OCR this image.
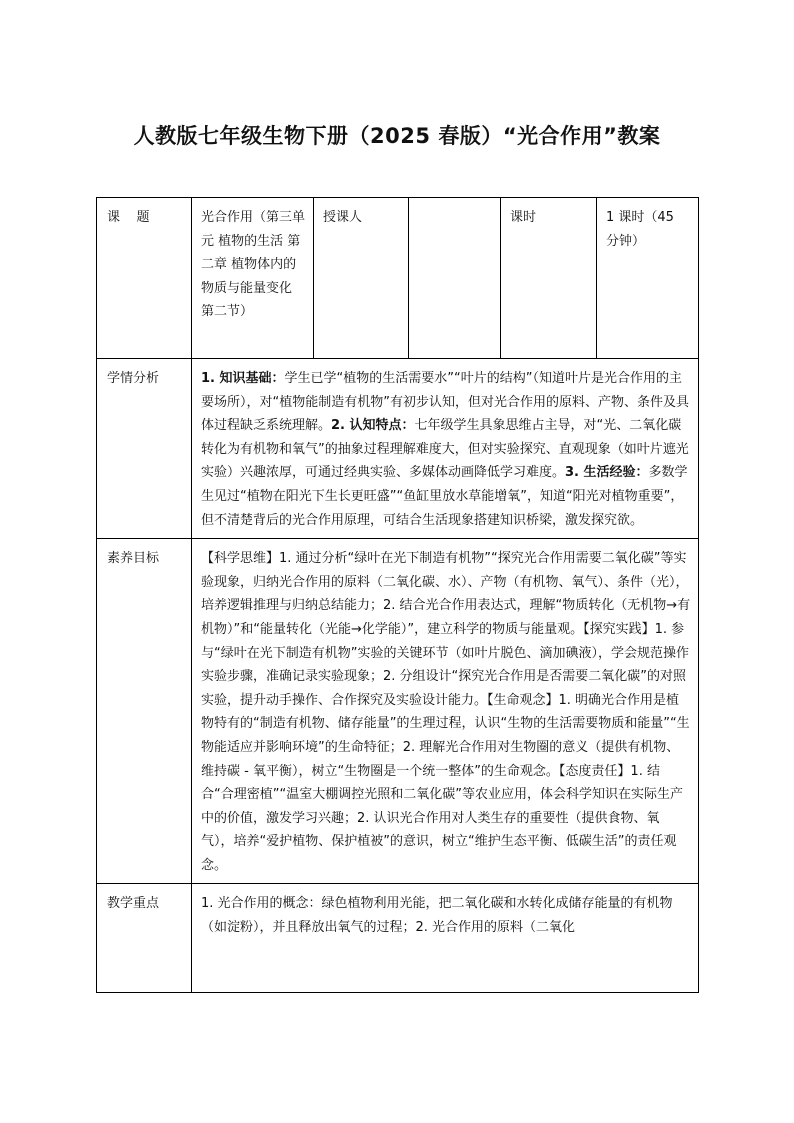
人教版七年级生物下册（2025 春版）“光合作用”教案
课    题	光合作用（第三单元 植物的生活 第二章 植物体内的物质与能量变化 第二节）	授课人		课时	1 课时（45 分钟）
学情分析	1. 知识基础：学生已学“植物的生活需要水”“叶片的结构”（知道叶片是光合作用的主要场所），对“植物能制造有机物”有初步认知，但对光合作用的原料、产物、条件及具体过程缺乏系统理解。2. 认知特点：七年级学生具象思维占主导，对“光、二氧化碳转化为有机物和氧气”的抽象过程理解难度大，但对实验探究、直观现象（如叶片遮光实验）兴趣浓厚，可通过经典实验、多媒体动画降低学习难度。3. 生活经验：多数学生见过“植物在阳光下生长更旺盛”“鱼缸里放水草能增氧”，知道“阳光对植物重要”，但不清楚背后的光合作用原理，可结合生活现象搭建知识桥梁，激发探究欲。				
素养目标	【科学思维】1. 通过分析“绿叶在光下制造有机物”“探究光合作用需要二氧化碳”等实验现象，归纳光合作用的原料（二氧化碳、水）、产物（有机物、氧气）、条件（光），培养逻辑推理与归纳总结能力；2. 结合光合作用表达式，理解“物质转化（无机物→有机物）”和“能量转化（光能→化学能）”，建立科学的物质与能量观。【探究实践】1. 参与“绿叶在光下制造有机物”实验的关键环节（如叶片脱色、滴加碘液），学会规范操作实验步骤，准确记录实验现象；2. 分组设计“探究光合作用是否需要二氧化碳”的对照实验，提升动手操作、合作探究及实验设计能力。【生命观念】1. 明确光合作用是植物特有的“制造有机物、储存能量”的生理过程，认识“生物的生活需要物质和能量”“生物能适应并影响环境”的生命特征；2. 理解光合作用对生物圈的意义（提供有机物、维持碳 - 氧平衡），树立“生物圈是一个统一整体”的生命观念。【态度责任】1. 结合“合理密植”“温室大棚调控光照和二氧化碳”等农业应用，体会科学知识在实际生产中的价值，激发学习兴趣；2. 认识光合作用对人类生存的重要性（提供食物、氧气），培养“爱护植物、保护植被”的意识，树立“维护生态平衡、低碳生活”的责任观念。				
教学重点	1. 光合作用的概念：绿色植物利用光能，把二氧化碳和水转化成储存能量的有机物（如淀粉），并且释放出氧气的过程；2. 光合作用的原料（二氧化				
